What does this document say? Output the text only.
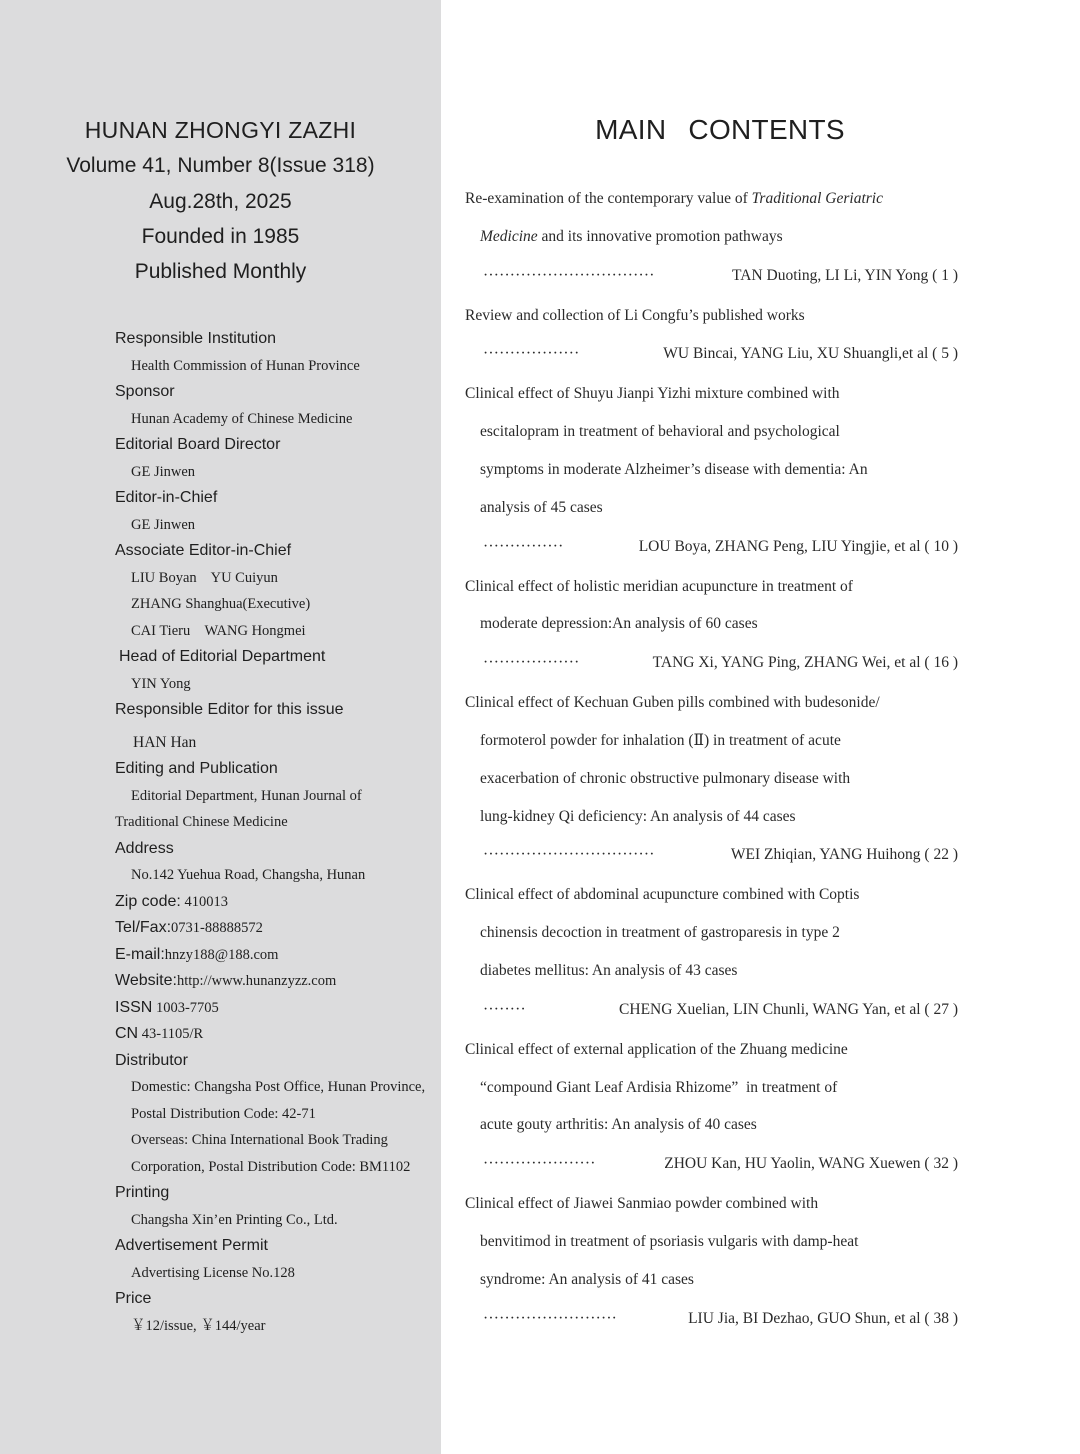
HUNAN ZHONGYI ZAZHI
Volume 41, Number 8(Issue 318)
Aug.28th, 2025
Founded in 1985
Published Monthly
Responsible Institution
Health Commission of Hunan Province
Sponsor
Hunan Academy of Chinese Medicine
Editorial Board Director
GE Jinwen
Editor-in-Chief
GE Jinwen
Associate Editor-in-Chief
LIU Boyan    YU Cuiyun
ZHANG Shanghua(Executive)
CAI Tieru    WANG Hongmei
Head of Editorial Department
YIN Yong
Responsible Editor for this issue
HAN Han
Editing and Publication
Editorial Department, Hunan Journal of
Traditional Chinese Medicine
Address
No.142 Yuehua Road, Changsha, Hunan
Zip code: 410013
Tel/Fax:0731-88888572
E-mail:hnzy188@188.com
Website:http://www.hunanzyzz.com
ISSN 1003-7705
CN 43-1105/R
Distributor
Domestic: Changsha Post Office, Hunan Province,
Postal Distribution Code: 42-71
Overseas: China International Book Trading
Corporation, Postal Distribution Code: BM1102
Printing
Changsha Xin’en Printing Co., Ltd.
Advertisement Permit
Advertising License No.128
Price
￥12/issue, ￥144/year
MAIN CONTENTS
Re-examination of the contemporary value of Traditional Geriatric
Medicine and its innovative promotion pathways
································	TAN Duoting, LI Li, YIN Yong ( 1 )
Review and collection of Li Congfu’s published works
··················	WU Bincai, YANG Liu, XU Shuangli,et al ( 5 )
Clinical effect of Shuyu Jianpi Yizhi mixture combined with
escitalopram in treatment of behavioral and psychological
symptoms in moderate Alzheimer’s disease with dementia: An
analysis of 45 cases
···············	LOU Boya, ZHANG Peng, LIU Yingjie, et al ( 10 )
Clinical effect of holistic meridian acupuncture in treatment of
moderate depression:An analysis of 60 cases
··················	TANG Xi, YANG Ping, ZHANG Wei, et al ( 16 )
Clinical effect of Kechuan Guben pills combined with budesonide/
formoterol powder for inhalation (Ⅱ) in treatment of acute
exacerbation of chronic obstructive pulmonary disease with
lung-kidney Qi deficiency: An analysis of 44 cases
································	WEI Zhiqian, YANG Huihong ( 22 )
Clinical effect of abdominal acupuncture combined with Coptis
chinensis decoction in treatment of gastroparesis in type 2
diabetes mellitus: An analysis of 43 cases
········	CHENG Xuelian, LIN Chunli, WANG Yan, et al ( 27 )
Clinical effect of external application of the Zhuang medicine
“compound Giant Leaf Ardisia Rhizome”  in treatment of
acute gouty arthritis: An analysis of 40 cases
·····················	ZHOU Kan, HU Yaolin, WANG Xuewen ( 32 )
Clinical effect of Jiawei Sanmiao powder combined with
benvitimod in treatment of psoriasis vulgaris with damp-heat
syndrome: An analysis of 41 cases
·························	LIU Jia, BI Dezhao, GUO Shun, et al ( 38 )
